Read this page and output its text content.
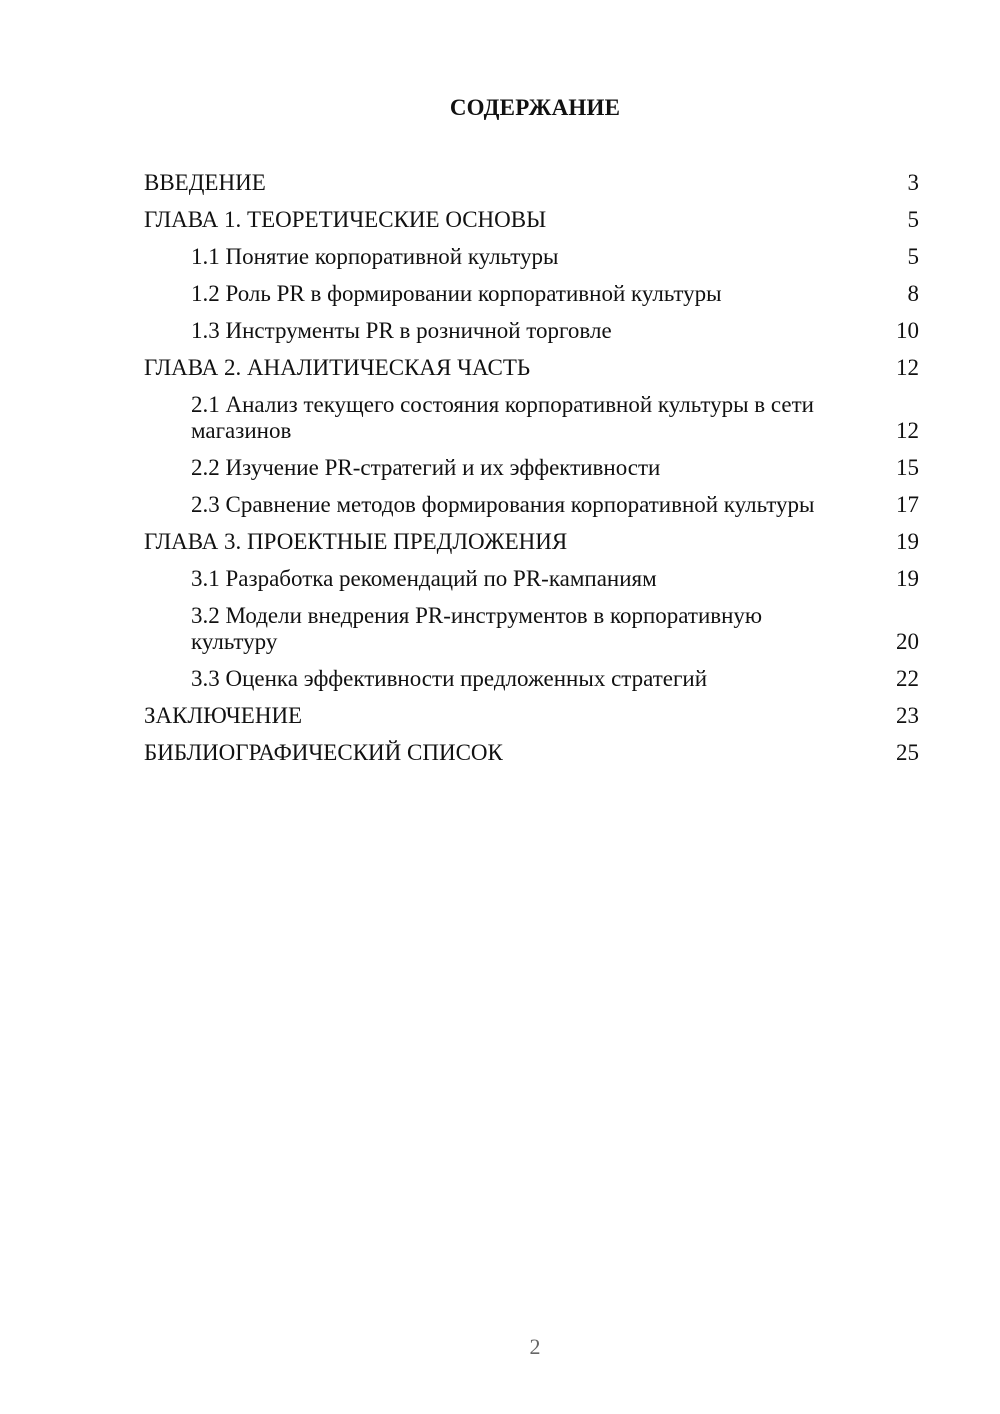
СОДЕРЖАНИЕ
ВВЕДЕНИЕ	3
ГЛАВА 1. ТЕОРЕТИЧЕСКИЕ ОСНОВЫ	5
1.1 Понятие корпоративной культуры	5
1.2 Роль PR в формировании корпоративной культуры	8
1.3 Инструменты PR в розничной торговле	10
ГЛАВА 2. АНАЛИТИЧЕСКАЯ ЧАСТЬ	12
2.1 Анализ текущего состояния корпоративной культуры в сети магазинов	12
2.2 Изучение PR-стратегий и их эффективности	15
2.3 Сравнение методов формирования корпоративной культуры	17
ГЛАВА 3. ПРОЕКТНЫЕ ПРЕДЛОЖЕНИЯ	19
3.1 Разработка рекомендаций по PR-кампаниям	19
3.2 Модели внедрения PR-инструментов в корпоративную культуру	20
3.3 Оценка эффективности предложенных стратегий	22
ЗАКЛЮЧЕНИЕ	23
БИБЛИОГРАФИЧЕСКИЙ СПИСОК	25
2
